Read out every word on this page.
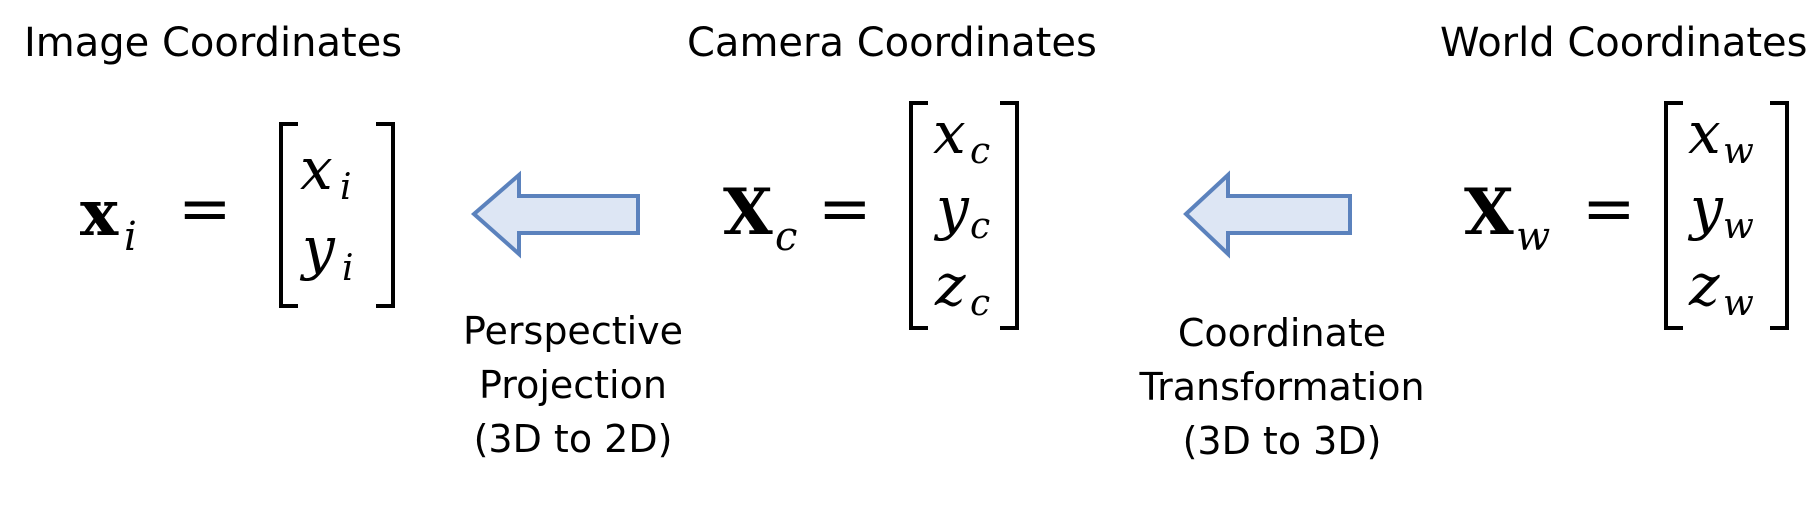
Image Coordinates	Camera Coordinates	World Coordinates
x i =
x i
y i
Perspective
Projection
(3D to 2D)
X c =
x c
y c
z c
Coordinate
Transformation
(3D to 3D)
X w =
x w
y w
z w
